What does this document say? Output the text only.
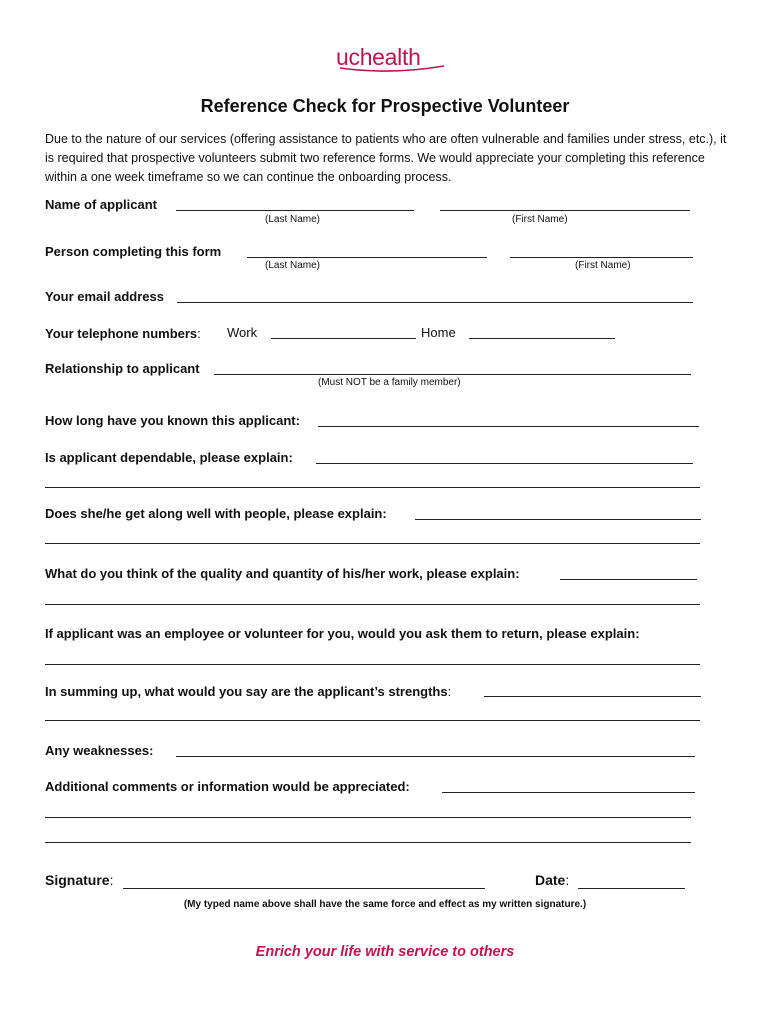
uchealth
Reference Check for Prospective Volunteer
Due to the nature of our services (offering assistance to patients who are often vulnerable and families under stress, etc.), it is required that prospective volunteers submit two reference forms. We would appreciate your completing this reference within a one week timeframe so we can continue the onboarding process.
Name of applicant
(Last Name)	(First Name)
Person completing this form
(Last Name)	(First Name)
Your email address
Your telephone numbers: Work	Home
Relationship to applicant
(Must NOT be a family member)
How long have you known this applicant:
Is applicant dependable, please explain:
Does she/he get along well with people, please explain:
What do you think of the quality and quantity of his/her work, please explain:
If applicant was an employee or volunteer for you, would you ask them to return, please explain:
In summing up, what would you say are the applicant’s strengths:
Any weaknesses:
Additional comments or information would be appreciated:
Signature:	Date:
(My typed name above shall have the same force and effect as my written signature.)
Enrich your life with service to others
